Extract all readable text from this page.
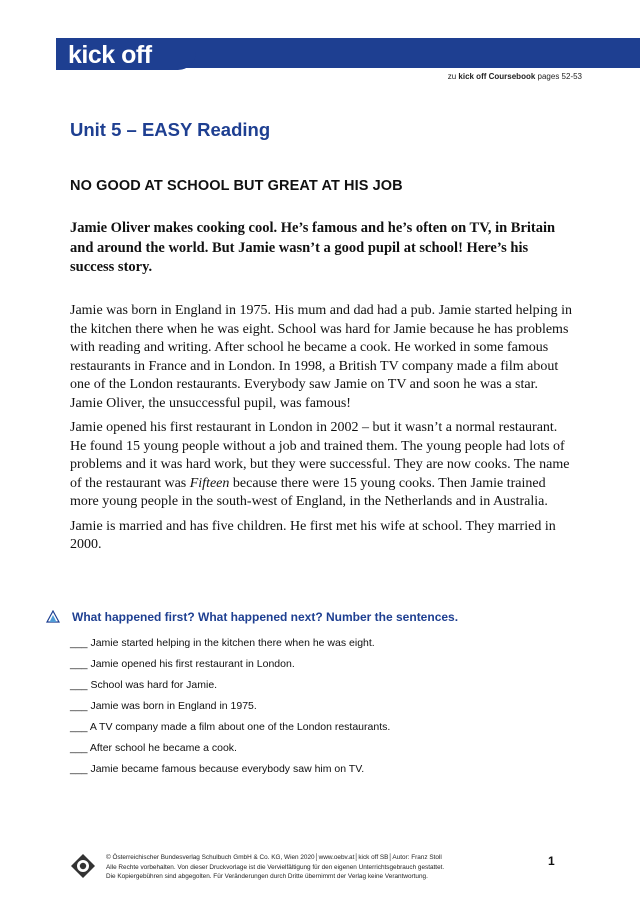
kick off
zu kick off Coursebook pages 52-53
Unit 5 – EASY Reading
NO GOOD AT SCHOOL BUT GREAT AT HIS JOB

Jamie Oliver makes cooking cool. He’s famous and he’s often on TV, in Britain and around the world. But Jamie wasn’t a good pupil at school! Here’s his success story.

Jamie was born in England in 1975. His mum and dad had a pub. Jamie started helping in the kitchen there when he was eight. School was hard for Jamie because he has problems with reading and writing. After school he became a cook. He worked in some famous restaurants in France and in London. In 1998, a British TV company made a film about one of the London restaurants. Everybody saw Jamie on TV and soon he was a star. Jamie Oliver, the unsuccessful pupil, was famous!

Jamie opened his first restaurant in London in 2002 – but it wasn’t a normal restaurant. He found 15 young people without a job and trained them. The young people had lots of problems and it was hard work, but they were successful. They are now cooks. The name of the restaurant was Fifteen because there were 15 young cooks. Then Jamie trained more young people in the south-west of England, in the Netherlands and in Australia.

Jamie is married and has five children. He first met his wife at school. They married in 2000.

What happened first? What happened next? Number the sentences.
___ Jamie started helping in the kitchen there when he was eight.
___ Jamie opened his first restaurant in London.
___ School was hard for Jamie.
___ Jamie was born in England in 1975.
___ A TV company made a film about one of the London restaurants.
___ After school he became a cook.
___ Jamie became famous because everybody saw him on TV.
© Österreichischer Bundesverlag Schulbuch GmbH & Co. KG, Wien 2020│www.oebv.at│kick off SB│Autor: Franz Stoll
Alle Rechte vorbehalten. Von dieser Druckvorlage ist die Vervielfältigung für den eigenen Unterrichtsgebrauch gestattet.
Die Kopiergebühren sind abgegolten. Für Veränderungen durch Dritte übernimmt der Verlag keine Verantwortung.
1
